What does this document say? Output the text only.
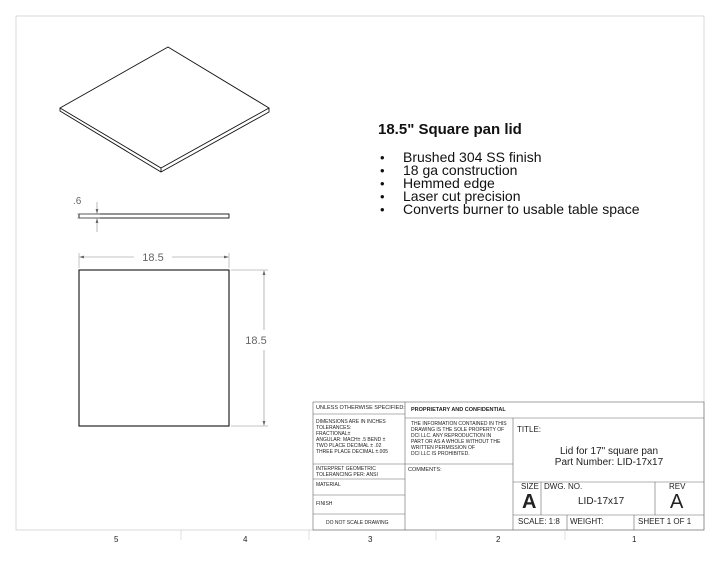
.6
18.5
18.5
18.5" Square pan lid
• Brushed 304 SS finish
• 18 ga construction
• Hemmed edge
• Laser cut precision
• Converts burner to usable table space
UNLESS OTHERWISE SPECIFIED:
DIMENSIONS ARE IN INCHES
TOLERANCES:
FRACTIONAL±
ANGULAR: MACH± .5 BEND ±
TWO PLACE DECIMAL ± .02
THREE PLACE DECIMAL ±.005
INTERPRET GEOMETRIC
TOLERANCING PER: ANSI
MATERIAL
FINISH
DO NOT SCALE DRAWING
PROPRIETARY AND CONFIDENTIAL
THE INFORMATION CONTAINED IN THIS
DRAWING IS THE SOLE PROPERTY OF
DCI LLC. ANY REPRODUCTION IN
PART OR AS A WHOLE WITHOUT THE
WRITTEN PERMISSION OF
DCI LLC IS PROHIBITED.
COMMENTS:
TITLE:
Lid for 17" square pan
Part Number: LID-17x17
SIZE
A
DWG. NO.
LID-17x17
REV
A
SCALE: 1:8 WEIGHT:	SHEET 1 OF 1
5	4	3	2	1
